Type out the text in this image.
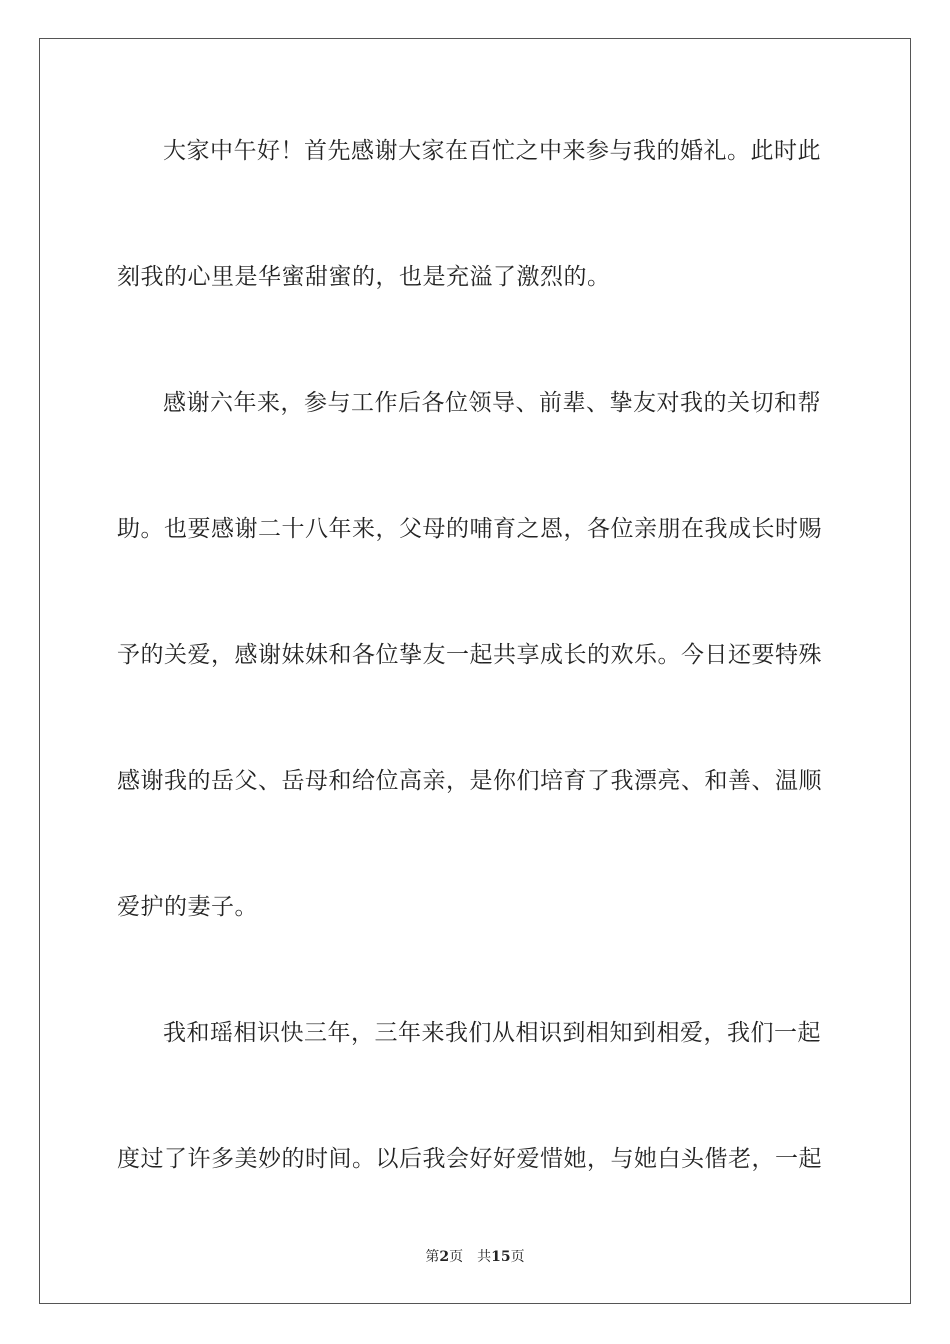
大家中午好！首先感谢大家在百忙之中来参与我的婚礼。此时此
刻我的心里是华蜜甜蜜的，也是充溢了激烈的。
感谢六年来，参与工作后各位领导、前辈、挚友对我的关切和帮
助。也要感谢二十八年来，父母的哺育之恩，各位亲朋在我成长时赐
予的关爱，感谢妹妹和各位挚友一起共享成长的欢乐。今日还要特殊
感谢我的岳父、岳母和给位高亲，是你们培育了我漂亮、和善、温顺
爱护的妻子。
我和瑶相识快三年，三年来我们从相识到相知到相爱，我们一起
度过了许多美妙的时间。以后我会好好爱惜她，与她白头偕老，一起
第2页 共15页
